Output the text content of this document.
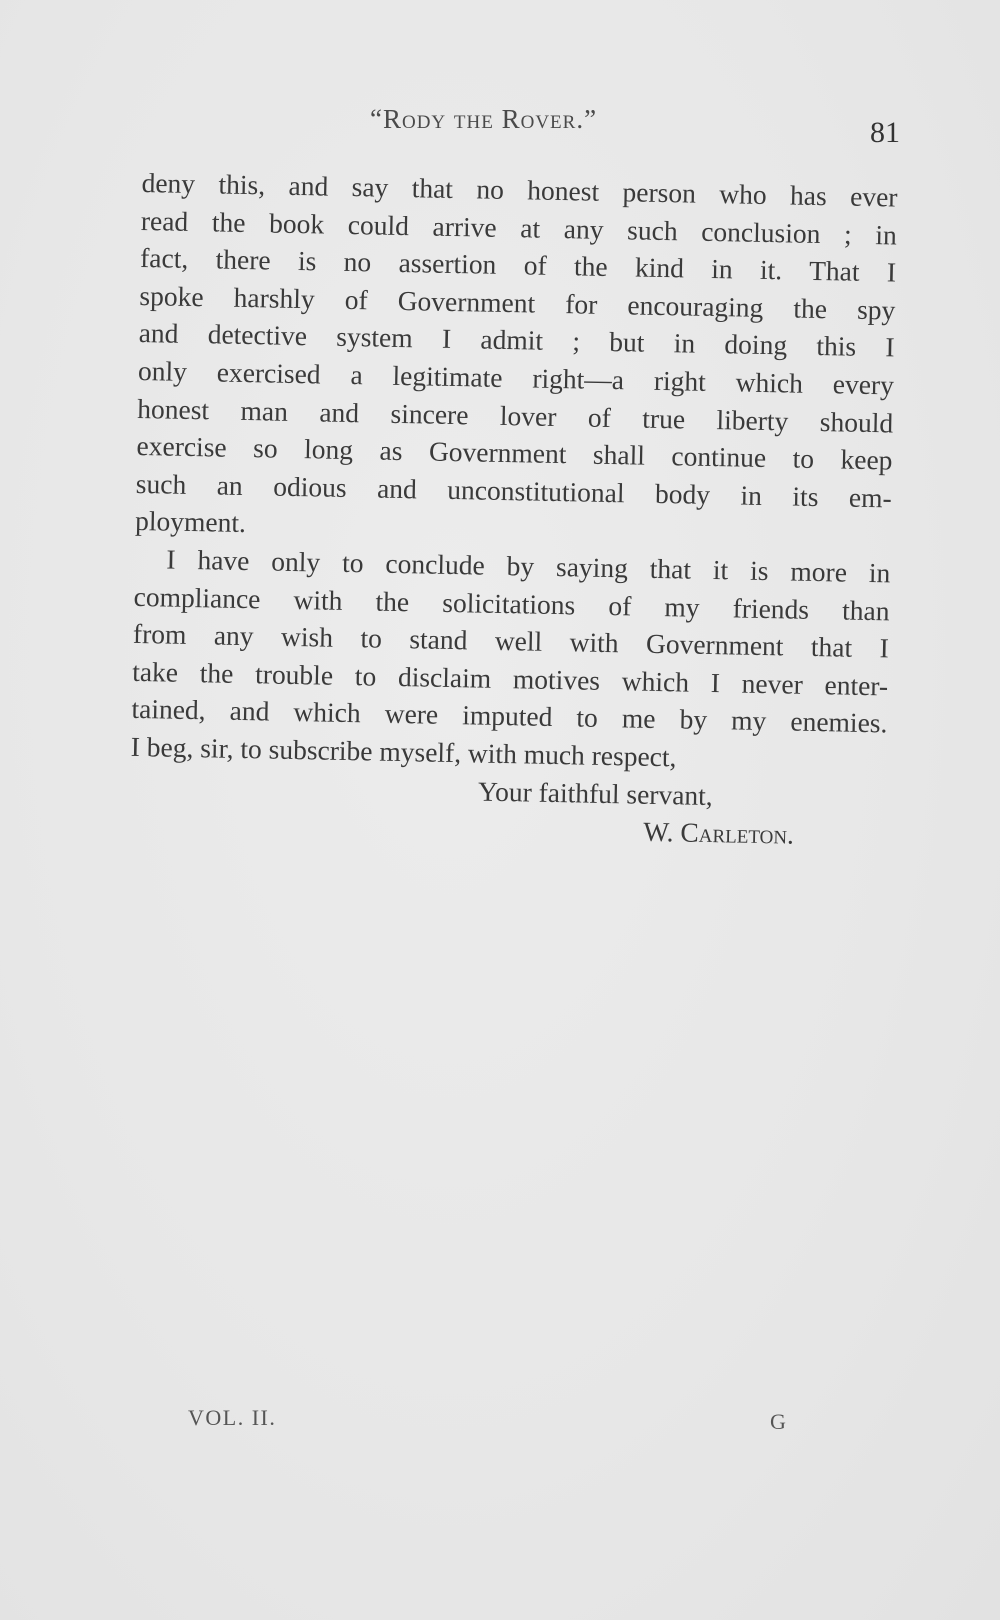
“Rody the Rover.”	81
deny this, and say that no honest person who has ever
read the book could arrive at any such conclusion ; in
fact, there is no assertion of the kind in it. That I
spoke harshly of Government for encouraging the spy
and detective system I admit ; but in doing this I
only exercised a legitimate right—a right which every
honest man and sincere lover of true liberty should
exercise so long as Government shall continue to keep
such an odious and unconstitutional body in its em-
ployment.
I have only to conclude by saying that it is more in
compliance with the solicitations of my friends than
from any wish to stand well with Government that I
take the trouble to disclaim motives which I never enter-
tained, and which were imputed to me by my enemies.
I beg, sir, to subscribe myself, with much respect,
Your faithful servant,
W. Carleton.
VOL. II.	G
